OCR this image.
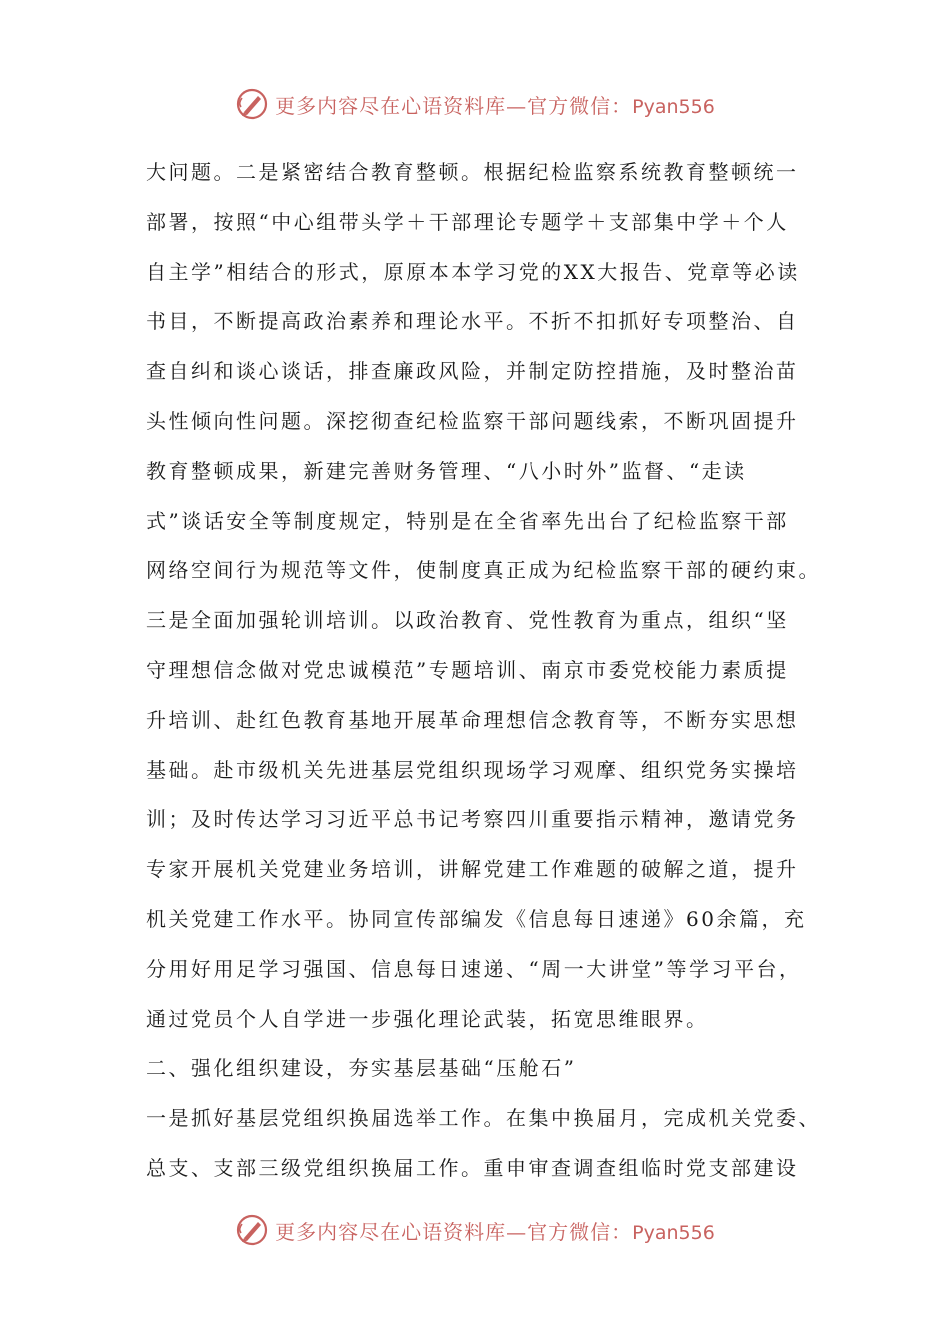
更多内容尽在心语资料库—官方微信：Pyan556
大问题。二是紧密结合教育整顿。根据纪检监察系统教育整顿统一
部署，按照“中心组带头学＋干部理论专题学＋支部集中学＋个人
自主学”相结合的形式，原原本本学习党的XX大报告、党章等必读
书目，不断提高政治素养和理论水平。不折不扣抓好专项整治、自
查自纠和谈心谈话，排查廉政风险，并制定防控措施，及时整治苗
头性倾向性问题。深挖彻查纪检监察干部问题线索，不断巩固提升
教育整顿成果，新建完善财务管理、“八小时外”监督、“走读
式”谈话安全等制度规定，特别是在全省率先出台了纪检监察干部
网络空间行为规范等文件，使制度真正成为纪检监察干部的硬约束。
三是全面加强轮训培训。以政治教育、党性教育为重点，组织“坚
守理想信念做对党忠诚模范”专题培训、南京市委党校能力素质提
升培训、赴红色教育基地开展革命理想信念教育等，不断夯实思想
基础。赴市级机关先进基层党组织现场学习观摩、组织党务实操培
训；及时传达学习习近平总书记考察四川重要指示精神，邀请党务
专家开展机关党建业务培训，讲解党建工作难题的破解之道，提升
机关党建工作水平。协同宣传部编发《信息每日速递》60余篇，充
分用好用足学习强国、信息每日速递、“周一大讲堂”等学习平台，
通过党员个人自学进一步强化理论武装，拓宽思维眼界。
二、强化组织建设，夯实基层基础“压舱石”
一是抓好基层党组织换届选举工作。在集中换届月，完成机关党委、
总支、支部三级党组织换届工作。重申审查调查组临时党支部建设
更多内容尽在心语资料库—官方微信：Pyan556
